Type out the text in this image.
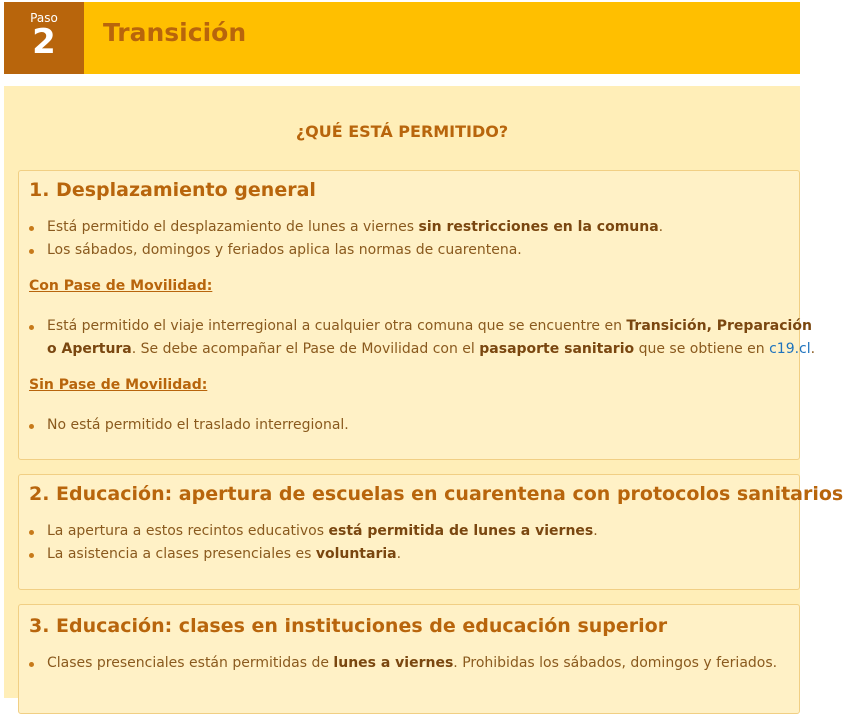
Paso
2	Transición
¿QUÉ ESTÁ PERMITIDO?
1. Desplazamiento general
Está permitido el desplazamiento de lunes a viernes sin restricciones en la comuna.
Los sábados, domingos y feriados aplica las normas de cuarentena.
Con Pase de Movilidad:
Está permitido el viaje interregional a cualquier otra comuna que se encuentre en Transición, Preparación
o Apertura. Se debe acompañar el Pase de Movilidad con el pasaporte sanitario que se obtiene en c19.cl.
Sin Pase de Movilidad:
No está permitido el traslado interregional.
2. Educación: apertura de escuelas en cuarentena con protocolos sanitarios
La apertura a estos recintos educativos está permitida de lunes a viernes.
La asistencia a clases presenciales es voluntaria.
3. Educación: clases en instituciones de educación superior
Clases presenciales están permitidas de lunes a viernes. Prohibidas los sábados, domingos y feriados.
